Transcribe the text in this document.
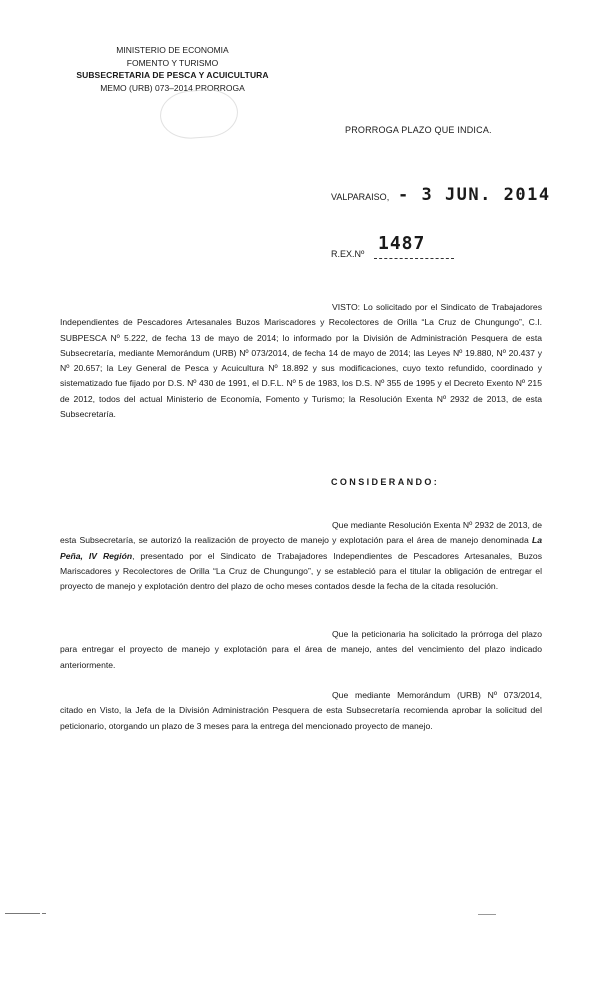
MINISTERIO DE ECONOMIA
FOMENTO Y TURISMO
SUBSECRETARIA DE PESCA Y ACUICULTURA
MEMO (URB) 073–2014 PRORROGA
PRORROGA PLAZO QUE INDICA.
VALPARAISO, - 3 JUN. 2014
R.EX.Nº 1487

VISTO: Lo solicitado por el Sindicato de Trabajadores Independientes de Pescadores Artesanales Buzos Mariscadores y Recolectores de Orilla “La Cruz de Chungungo”, C.I. SUBPESCA Nº 5.222, de fecha 13 de mayo de 2014; lo informado por la División de Administración Pesquera de esta Subsecretaría, mediante Memorándum (URB) Nº 073/2014, de fecha 14 de mayo de 2014; las Leyes Nº 19.880, Nº 20.437 y Nº 20.657; la Ley General de Pesca y Acuicultura Nº 18.892 y sus modificaciones, cuyo texto refundido, coordinado y sistematizado fue fijado por D.S. Nº 430 de 1991, el D.F.L. Nº 5 de 1983, los D.S. Nº 355 de 1995 y el Decreto Exento Nº 215 de 2012, todos del actual Ministerio de Economía, Fomento y Turismo; la Resolución Exenta Nº 2932 de 2013, de esta Subsecretaría.

CONSIDERANDO:

Que mediante Resolución Exenta Nº 2932 de 2013, de esta Subsecretaría, se autorizó la realización de proyecto de manejo y explotación para el área de manejo denominada La Peña, IV Región, presentado por el Sindicato de Trabajadores Independientes de Pescadores Artesanales, Buzos Mariscadores y Recolectores de Orilla “La Cruz de Chungungo”, y se estableció para el titular la obligación de entregar el proyecto de manejo y explotación dentro del plazo de ocho meses contados desde la fecha de la citada resolución.

Que la peticionaria ha solicitado la prórroga del plazo para entregar el proyecto de manejo y explotación para el área de manejo, antes del vencimiento del plazo indicado anteriormente.

Que mediante Memorándum (URB) Nº 073/2014, citado en Visto, la Jefa de la División Administración Pesquera de esta Subsecretaría recomienda aprobar la solicitud del peticionario, otorgando un plazo de 3 meses para la entrega del mencionado proyecto de manejo.
